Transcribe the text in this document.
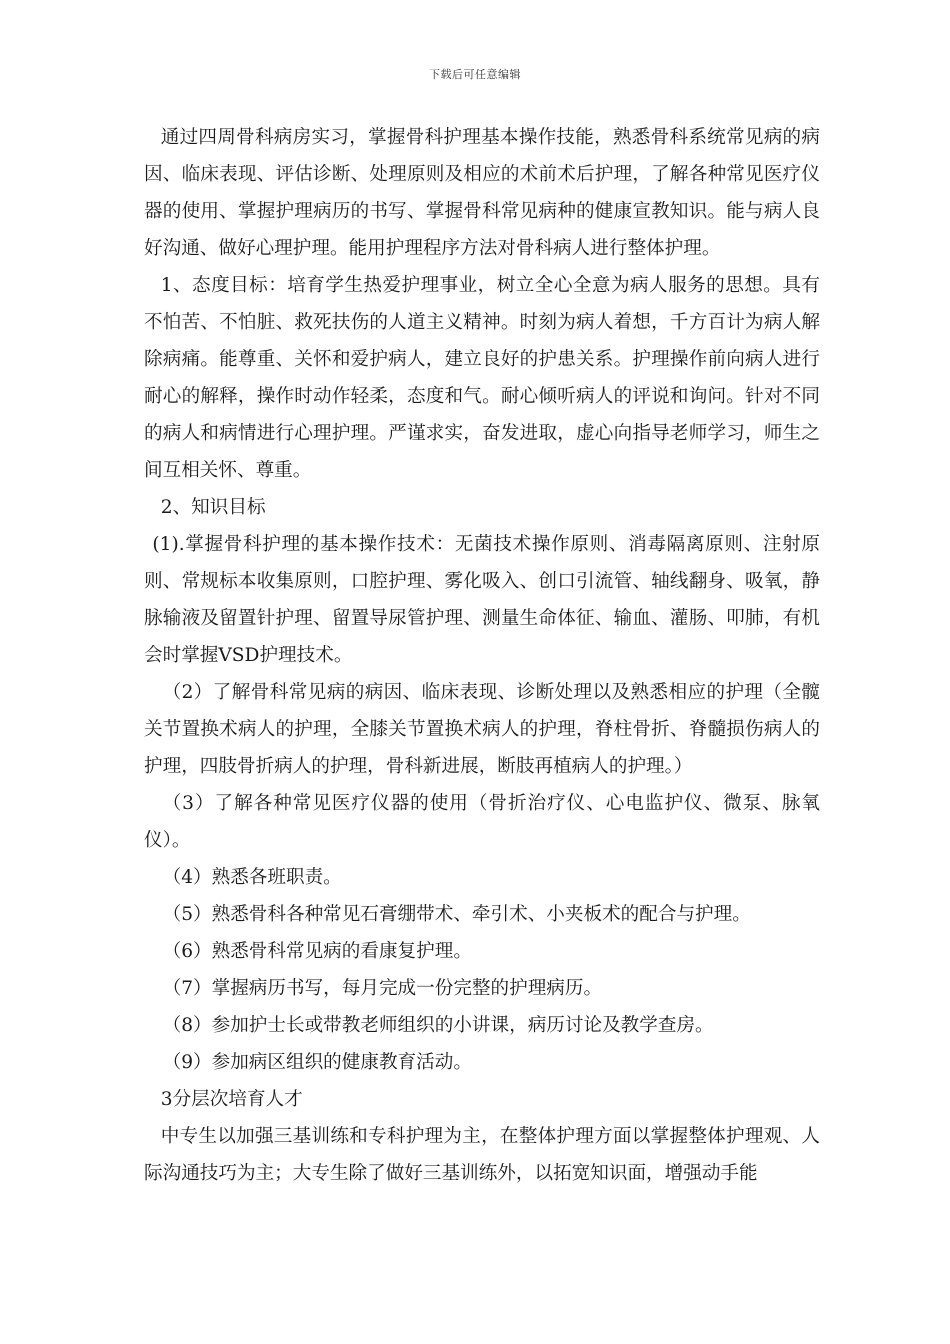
下载后可任意编辑

通过四周骨科病房实习，掌握骨科护理基本操作技能，熟悉骨科系统常见病的病因、临床表现、评估诊断、处理原则及相应的术前术后护理，了解各种常见医疗仪器的使用、掌握护理病历的书写、掌握骨科常见病种的健康宣教知识。能与病人良好沟通、做好心理护理。能用护理程序方法对骨科病人进行整体护理。

1、态度目标：培育学生热爱护理事业，树立全心全意为病人服务的思想。具有不怕苦、不怕脏、救死扶伤的人道主义精神。时刻为病人着想，千方百计为病人解除病痛。能尊重、关怀和爱护病人，建立良好的护患关系。护理操作前向病人进行耐心的解释，操作时动作轻柔，态度和气。耐心倾听病人的评说和询问。针对不同的病人和病情进行心理护理。严谨求实，奋发进取，虚心向指导老师学习，师生之间互相关怀、尊重。

2、知识目标

(1).掌握骨科护理的基本操作技术：无菌技术操作原则、消毒隔离原则、注射原则、常规标本收集原则，口腔护理、雾化吸入、创口引流管、轴线翻身、吸氧，静脉输液及留置针护理、留置导尿管护理、测量生命体征、输血、灌肠、叩肺，有机会时掌握VSD护理技术。

（2）了解骨科常见病的病因、临床表现、诊断处理以及熟悉相应的护理（全髋关节置换术病人的护理，全膝关节置换术病人的护理，脊柱骨折、脊髓损伤病人的护理，四肢骨折病人的护理，骨科新进展，断肢再植病人的护理。）

（3）了解各种常见医疗仪器的使用（骨折治疗仪、心电监护仪、微泵、脉氧仪）。

（4）熟悉各班职责。

（5）熟悉骨科各种常见石膏绷带术、牵引术、小夹板术的配合与护理。

（6）熟悉骨科常见病的看康复护理。

（7）掌握病历书写，每月完成一份完整的护理病历。

（8）参加护士长或带教老师组织的小讲课，病历讨论及教学查房。

（9）参加病区组织的健康教育活动。

3分层次培育人才

中专生以加强三基训练和专科护理为主，在整体护理方面以掌握整体护理观、人际沟通技巧为主；大专生除了做好三基训练外，以拓宽知识面，增强动手能
